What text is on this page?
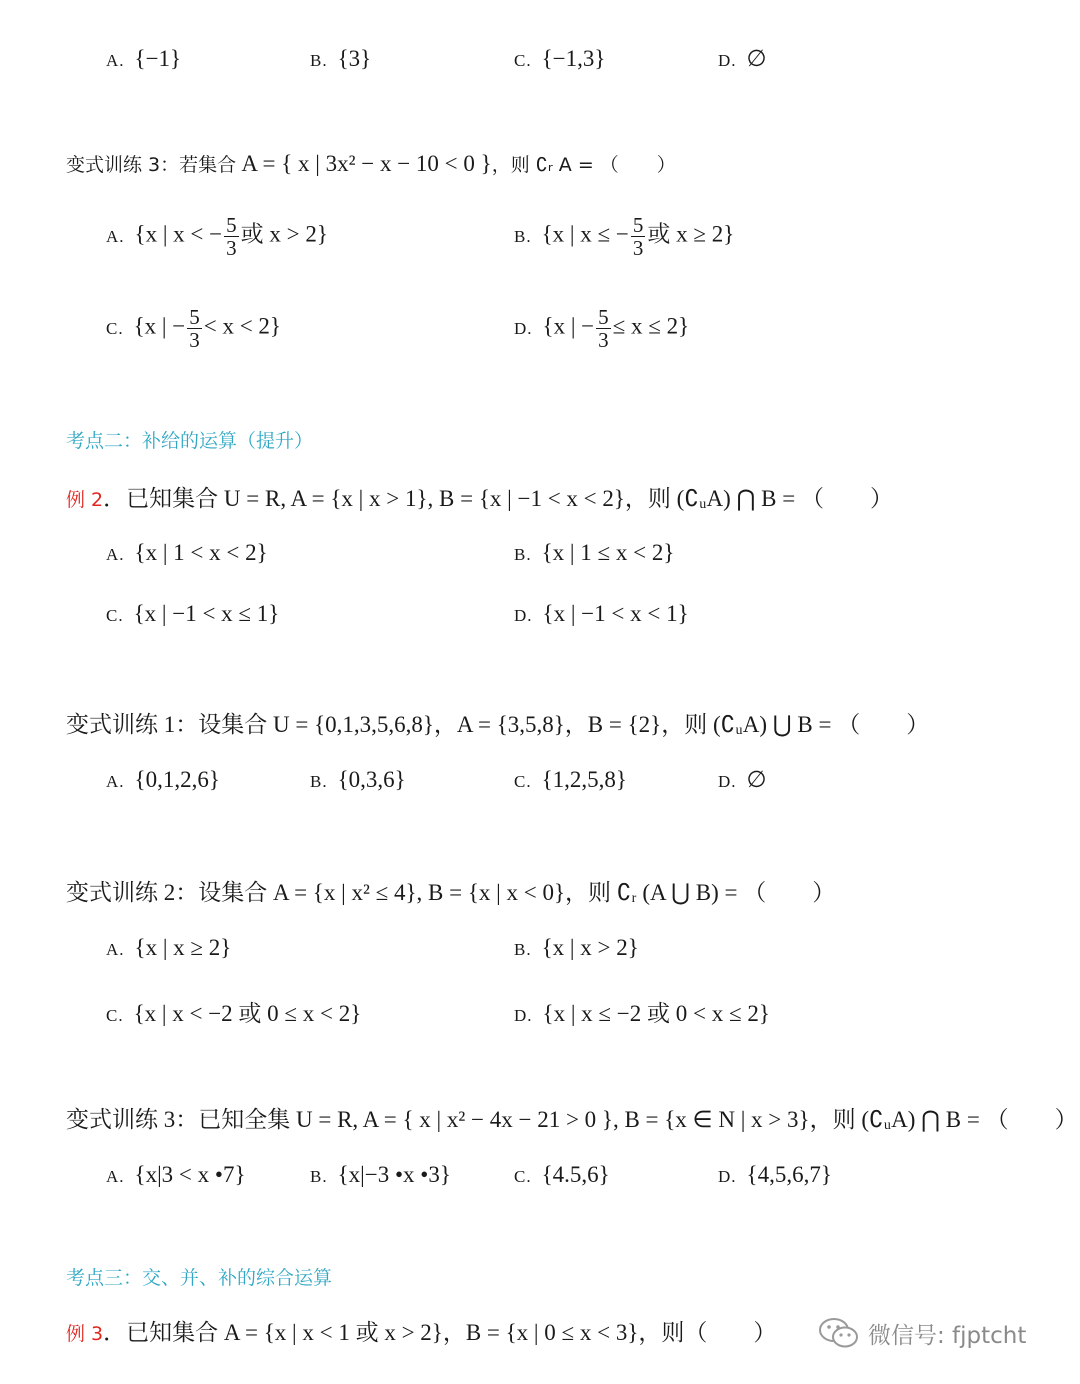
A. {−1}	B. {3}	C. {−1,3}	D. ∅
变式训练 3：若集合 A = { x | 3x² − x − 10 < 0 }，则 ∁ᵣ A = （　　）
A. {x | x < − $\frac{5}{3}$ 或 x > 2}	B. {x | x ≤ − $\frac{5}{3}$ 或 x ≥ 2}
C. {x | − $\frac{5}{3} < x < 2$}	D. {x | − $\frac{5}{3} \le x \le 2$}
考点二：补给的运算（提升）
例 2．已知集合 U = R, A = {x | x > 1}, B = {x | −1 < x < 2}，则 (∁ᵤA) ⋂ B = （　　）
A. {x | 1 < x < 2}	B. {x | 1 ≤ x < 2}
C. {x | −1 < x ≤ 1}	D. {x | −1 < x < 1}
变式训练 1：设集合 U = {0,1,3,5,6,8}，A = {3,5,8}，B = {2}，则 (∁ᵤA) ⋃ B = （　　）
A. {0,1,2,6}	B. {0,3,6}	C. {1,2,5,8}	D. ∅
变式训练 2：设集合 A = {x | x² ≤ 4}, B = {x | x < 0}，则 ∁ᵣ (A ⋃ B) = （　　）
A. {x | x ≥ 2}	B. {x | x > 2}
C. {x | x < −2 或 0 ≤ x < 2}	D. {x | x ≤ −2 或 0 < x ≤ 2}
变式训练 3：已知全集 U = R, A = { x | x² − 4x − 21 > 0 }, B = {x ∈ N | x > 3}，则 (∁ᵤA) ⋂ B = （　　）
A. {x|3 < x •7}	B. {x|−3 •x •3}	C. {4.5,6}	D. {4,5,6,7}
考点三：交、并、补的综合运算
例 3．已知集合 A = {x | x < 1 或 x > 2}，B = {x | 0 ≤ x < 3}，则（　　）	微信号: fjptcht
